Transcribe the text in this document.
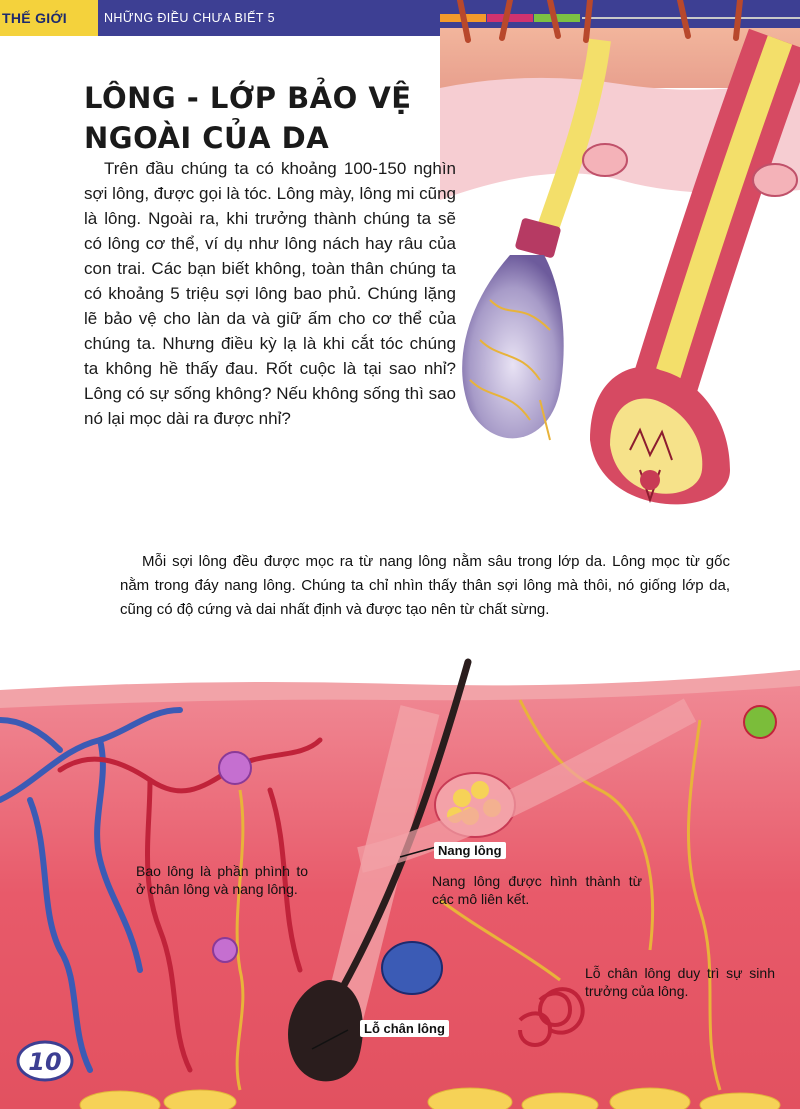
THẾ GIỚI	NHỮNG ĐIỀU CHƯA BIẾT 5
LÔNG - LỚP BẢO VỆ
NGOÀI CỦA DA

Trên đầu chúng ta có khoảng 100-150 nghìn sợi lông, được gọi là tóc. Lông mày, lông mi cũng là lông. Ngoài ra, khi trưởng thành chúng ta sẽ có lông cơ thể, ví dụ như lông nách hay râu của con trai. Các bạn biết không, toàn thân chúng ta có khoảng 5 triệu sợi lông bao phủ. Chúng lặng lẽ bảo vệ cho làn da và giữ ấm cho cơ thể của chúng ta. Nhưng điều kỳ lạ là khi cắt tóc chúng ta không hề thấy đau. Rốt cuộc là tại sao nhỉ? Lông có sự sống không? Nếu không sống thì sao nó lại mọc dài ra được nhỉ?

Mỗi sợi lông đều được mọc ra từ nang lông nằm sâu trong lớp da. Lông mọc từ gốc nằm trong đáy nang lông. Chúng ta chỉ nhìn thấy thân sợi lông mà thôi, nó giống lớp da, cũng có độ cứng và dai nhất định và được tạo nên từ chất sừng.

Bao lông là phần phình to ở chân lông và nang lông.
Nang lông
Nang lông được hình thành từ các mô liên kết.
Lỗ chân lông duy trì sự sinh trưởng của lông.
Lỗ chân lông
10
